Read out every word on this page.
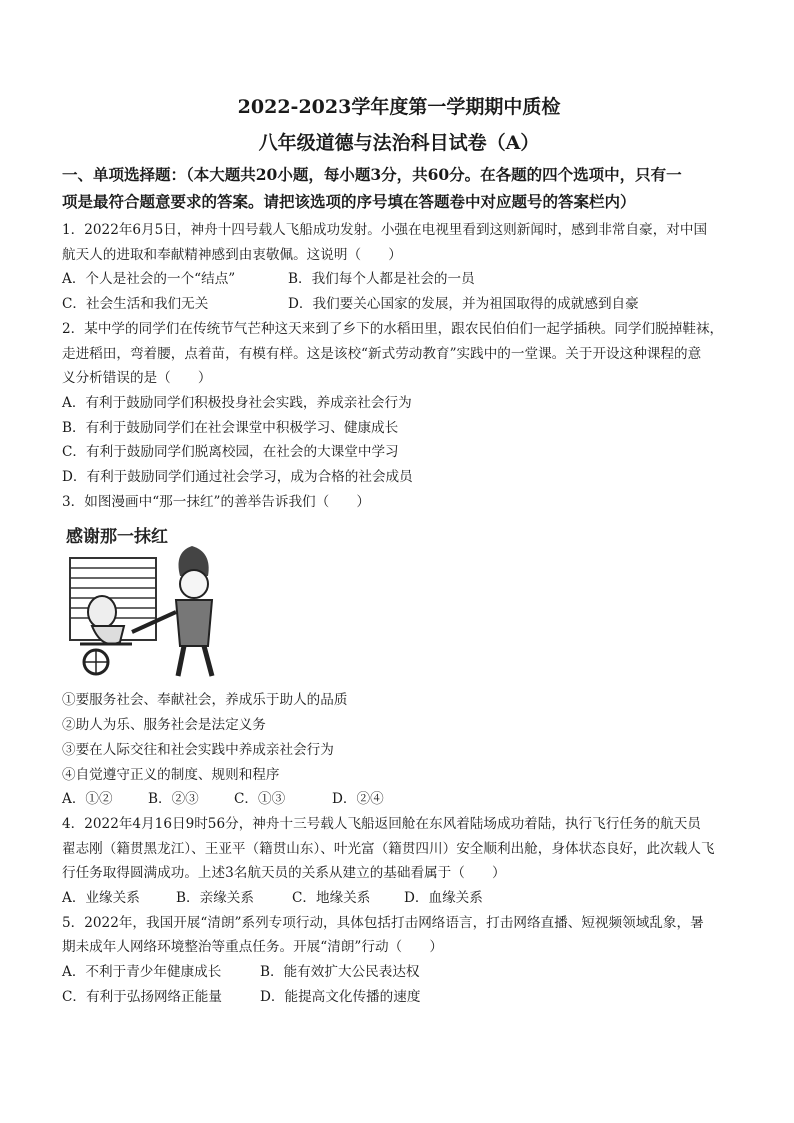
2022-2023学年度第一学期期中质检

八年级道德与法治科目试卷（A）

一、单项选择题：（本大题共20小题，每小题3分，共60分。在各题的四个选项中，只有一

项是最符合题意要求的答案。请把该选项的序号填在答题卷中对应题号的答案栏内）

1．2022年6月5日，神舟十四号载人飞船成功发射。小强在电视里看到这则新闻时，感到非常自豪，对中国

航天人的进取和奉献精神感到由衷敬佩。这说明（　　）

A．个人是社会的一个“结点”	B．我们每个人都是社会的一员
C．社会生活和我们无关	D．我们要关心国家的发展，并为祖国取得的成就感到自豪

2．某中学的同学们在传统节气芒种这天来到了乡下的水稻田里，跟农民伯伯们一起学插秧。同学们脱掉鞋袜，

走进稻田，弯着腰，点着苗，有模有样。这是该校“新式劳动教育”实践中的一堂课。关于开设这种课程的意

义分析错误的是（　　）

A．有利于鼓励同学们积极投身社会实践，养成亲社会行为

B．有利于鼓励同学们在社会课堂中积极学习、健康成长

C．有利于鼓励同学们脱离校园，在社会的大课堂中学习

D．有利于鼓励同学们通过社会学习，成为合格的社会成员

3．如图漫画中“那一抹红”的善举告诉我们（　　）

感谢那一抹红

①要服务社会、奉献社会，养成乐于助人的品质

②助人为乐、服务社会是法定义务

③要在人际交往和社会实践中养成亲社会行为

④自觉遵守正义的制度、规则和程序

A．①②	B．②③	C．①③	D．②④

4．2022年4月16日9时56分，神舟十三号载人飞船返回舱在东风着陆场成功着陆，执行飞行任务的航天员

翟志刚（籍贯黑龙江）、王亚平（籍贯山东）、叶光富（籍贯四川）安全顺利出舱，身体状态良好，此次载人飞

行任务取得圆满成功。上述3名航天员的关系从建立的基础看属于（　　）

A．业缘关系	B．亲缘关系	C．地缘关系	D．血缘关系

5．2022年，我国开展“清朗”系列专项行动，具体包括打击网络语言，打击网络直播、短视频领域乱象，暑

期未成年人网络环境整治等重点任务。开展“清朗”行动（　　）

A．不利于青少年健康成长	B．能有效扩大公民表达权
C．有利于弘扬网络正能量	D．能提高文化传播的速度
